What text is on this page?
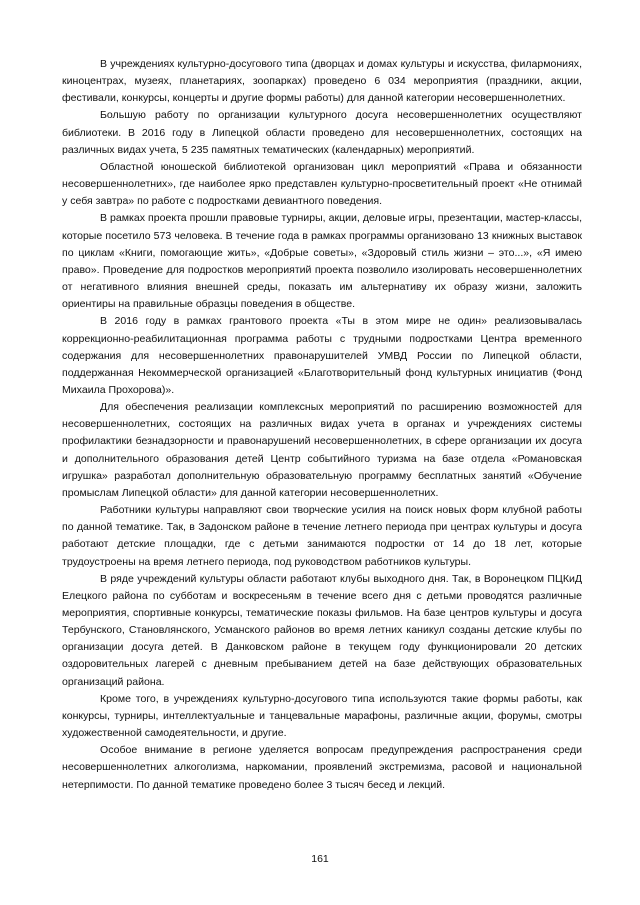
В учреждениях культурно-досугового типа (дворцах и домах культуры и искусства, филармониях, киноцентрах, музеях, планетариях, зоопарках) проведено 6 034 мероприятия (праздники, акции, фестивали, конкурсы, концерты и другие формы работы) для данной категории несовершеннолетних.

Большую работу по организации культурного досуга несовершеннолетних осуществляют библиотеки. В 2016 году в Липецкой области проведено для несовершеннолетних, состоящих на различных видах учета, 5 235 памятных тематических (календарных) мероприятий.

Областной юношеской библиотекой организован цикл мероприятий «Права и обязанности несовершеннолетних», где наиболее ярко представлен культурно-просветительный проект «Не отнимай у себя завтра» по работе с подростками девиантного поведения.

В рамках проекта прошли правовые турниры, акции, деловые игры, презентации, мастер-классы, которые посетило 573 человека. В течение года в рамках программы организовано 13 книжных выставок по циклам «Книги, помогающие жить», «Добрые советы», «Здоровый стиль жизни – это...», «Я имею право». Проведение для подростков мероприятий проекта позволило изолировать несовершеннолетних от негативного влияния внешней среды, показать им альтернативу их образу жизни, заложить ориентиры на правильные образцы поведения в обществе.

В 2016 году в рамках грантового проекта «Ты в этом мире не один» реализовывалась коррекционно-реабилитационная программа работы с трудными подростками Центра временного содержания для несовершеннолетних правонарушителей УМВД России по Липецкой области, поддержанная Некоммерческой организацией «Благотворительный фонд культурных инициатив (Фонд Михаила Прохорова)».

Для обеспечения реализации комплексных мероприятий по расширению возможностей для несовершеннолетних, состоящих на различных видах учета в органах и учреждениях системы профилактики безнадзорности и правонарушений несовершеннолетних, в сфере организации их досуга и дополнительного образования детей Центр событийного туризма на базе отдела «Романовская игрушка» разработал дополнительную образовательную программу бесплатных занятий «Обучение промыслам Липецкой области» для данной категории несовершеннолетних.

Работники культуры направляют свои творческие усилия на поиск новых форм клубной работы по данной тематике. Так, в Задонском районе в течение летнего периода при центрах культуры и досуга работают детские площадки, где с детьми занимаются подростки от 14 до 18 лет, которые трудоустроены на время летнего периода, под руководством работников культуры.

В ряде учреждений культуры области работают клубы выходного дня. Так, в Воронецком ПЦКиД Елецкого района по субботам и воскресеньям в течение всего дня с детьми проводятся различные мероприятия, спортивные конкурсы, тематические показы фильмов. На базе центров культуры и досуга Тербунского, Становлянского, Усманского районов во время летних каникул созданы детские клубы по организации досуга детей. В Данковском районе в текущем году функционировали 20 детских оздоровительных лагерей с дневным пребыванием детей на базе действующих образовательных организаций района.

Кроме того, в учреждениях культурно-досугового типа используются такие формы работы, как конкурсы, турниры, интеллектуальные и танцевальные марафоны, различные акции, форумы, смотры художественной самодеятельности, и другие.

Особое внимание в регионе уделяется вопросам предупреждения распространения среди несовершеннолетних алкоголизма, наркомании, проявлений экстремизма, расовой и национальной нетерпимости. По данной тематике проведено более 3 тысяч бесед и лекций.

161
